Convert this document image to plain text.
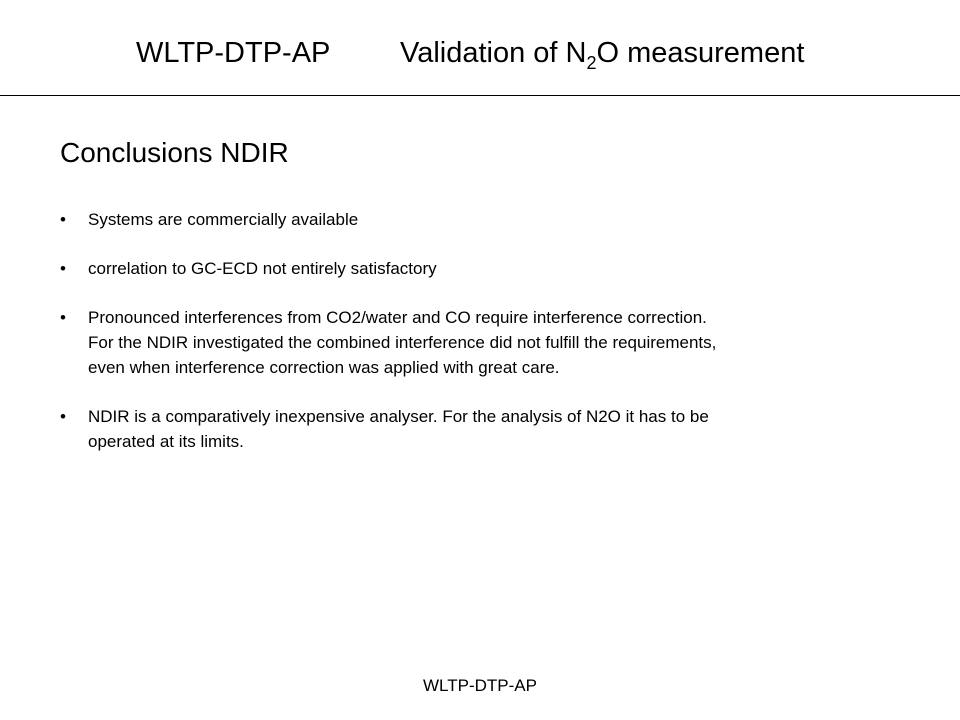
WLTP-DTP-AP Validation of $N_2O$ measurement
Conclusions NDIR
• Systems are commercially available
• correlation to GC-ECD not entirely satisfactory
• Pronounced interferences from CO2/water and CO require interference correction.
For the NDIR investigated the combined interference did not fulfill the requirements,
even when interference correction was applied with great care.
• NDIR is a comparatively inexpensive analyser. For the analysis of N2O it has to be
operated at its limits.
WLTP-DTP-AP
